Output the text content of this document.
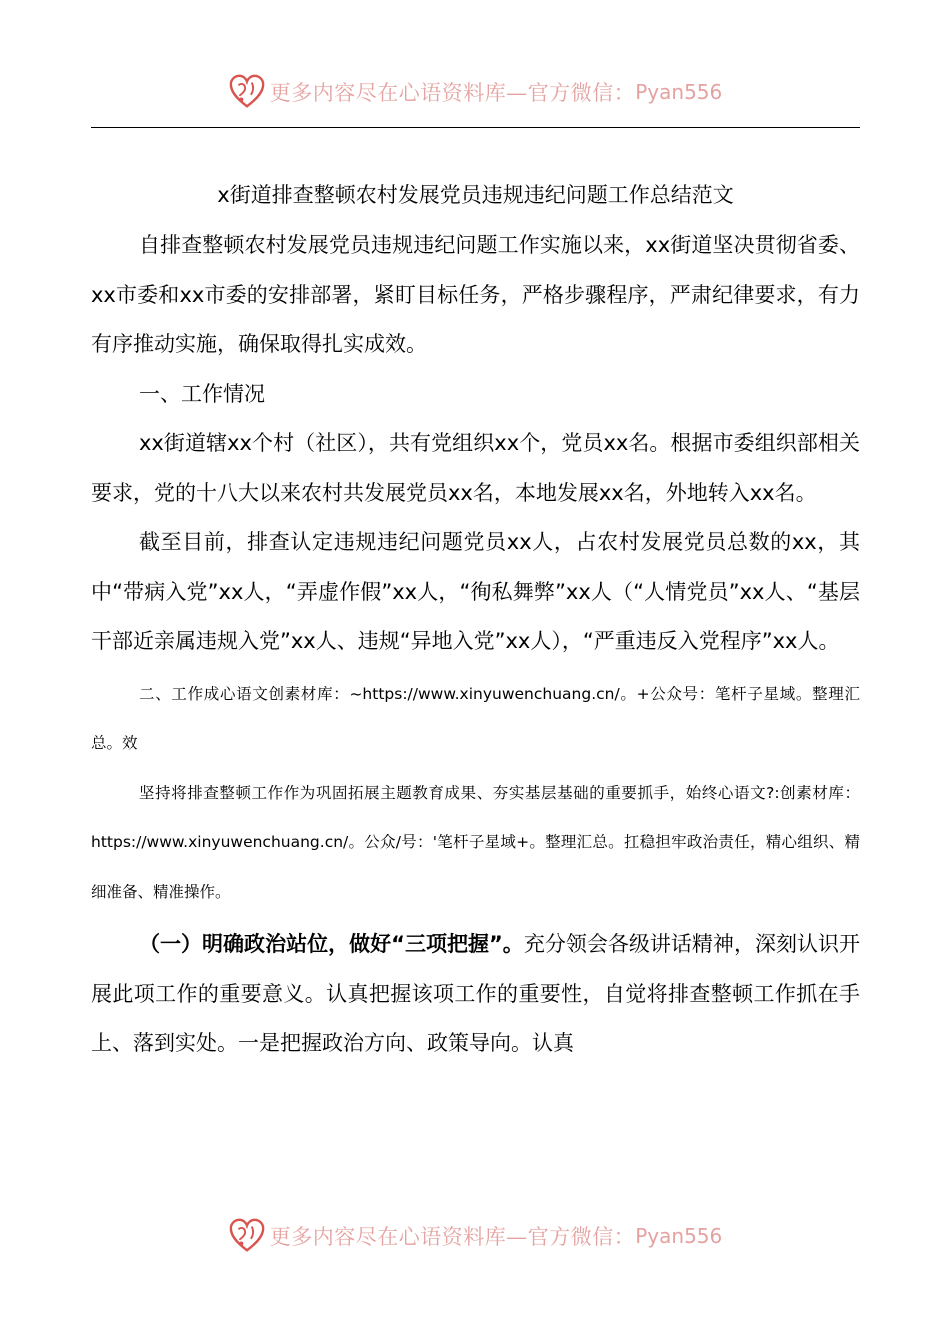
更多内容尽在心语资料库—官方微信： Pyan556

x街道排查整顿农村发展党员违规违纪问题工作总结范文

自排查整顿农村发展党员违规违纪问题工作实施以来，xx街道坚决贯彻省委、xx市委和xx市委的安排部署，紧盯目标任务，严格步骤程序，严肃纪律要求，有力有序推动实施，确保取得扎实成效。

一、工作情况

xx街道辖xx个村（社区），共有党组织xx个，党员xx名。根据市委组织部相关要求，党的十八大以来农村共发展党员xx名，本地发展xx名，外地转入xx名。

截至目前，排查认定违规违纪问题党员xx人，占农村发展党员总数的xx，其中“带病入党”xx人，“弄虚作假”xx人，“徇私舞弊”xx人（“人情党员”xx人、“基层干部近亲属违规入党”xx人、违规“异地入党”xx人），“严重违反入党程序”xx人。

二、工作成心语文创素材库：~https://www.xinyuwenchuang.cn/。+公众号：笔杆子星域。整理汇总。效

坚持将排查整顿工作作为巩固拓展主题教育成果、夯实基层基础的重要抓手，始终心语文?:创素材库：https://www.xinyuwenchuang.cn/。公众/号：'笔杆子星域+。整理汇总。扛稳担牢政治责任，精心组织、精细准备、精准操作。

（一）明确政治站位，做好“三项把握”。充分领会各级讲话精神，深刻认识开展此项工作的重要意义。认真把握该项工作的重要性，自觉将排查整顿工作抓在手上、落到实处。一是把握政治方向、政策导向。认真

更多内容尽在心语资料库—官方微信： Pyan556
